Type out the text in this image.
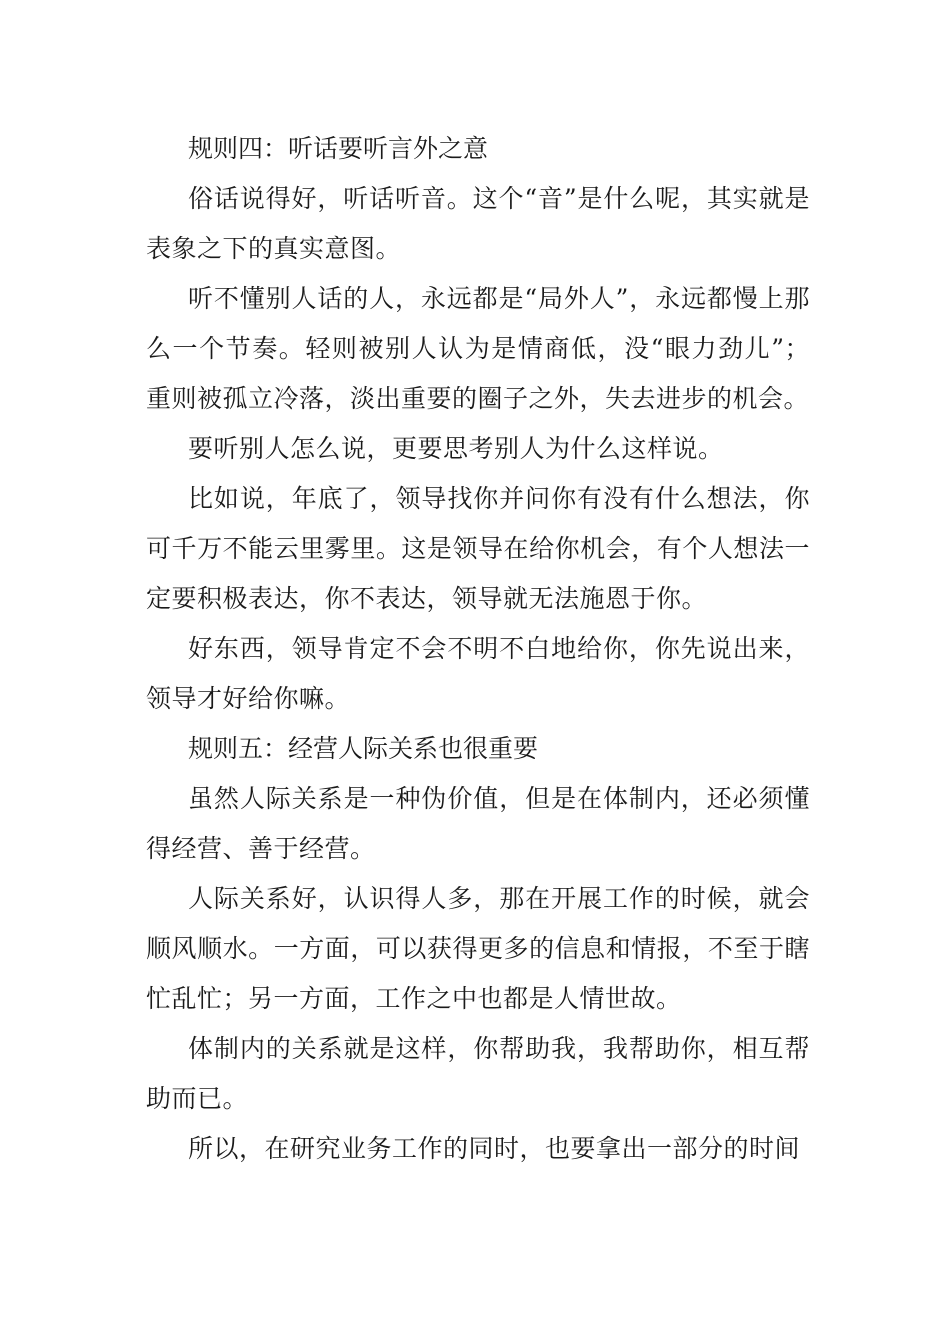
规则四：听话要听言外之意

俗话说得好，听话听音。这个“音”是什么呢，其实就是表象之下的真实意图。

听不懂别人话的人，永远都是“局外人”，永远都慢上那么一个节奏。轻则被别人认为是情商低，没“眼力劲儿”；重则被孤立冷落，淡出重要的圈子之外，失去进步的机会。

要听别人怎么说，更要思考别人为什么这样说。

比如说，年底了，领导找你并问你有没有什么想法，你可千万不能云里雾里。这是领导在给你机会，有个人想法一定要积极表达，你不表达，领导就无法施恩于你。

好东西，领导肯定不会不明不白地给你，你先说出来，领导才好给你嘛。

规则五：经营人际关系也很重要

虽然人际关系是一种伪价值，但是在体制内，还必须懂得经营、善于经营。

人际关系好，认识得人多，那在开展工作的时候，就会顺风顺水。一方面，可以获得更多的信息和情报，不至于瞎忙乱忙；另一方面，工作之中也都是人情世故。

体制内的关系就是这样，你帮助我，我帮助你，相互帮助而已。

所以，在研究业务工作的同时，也要拿出一部分的时间
